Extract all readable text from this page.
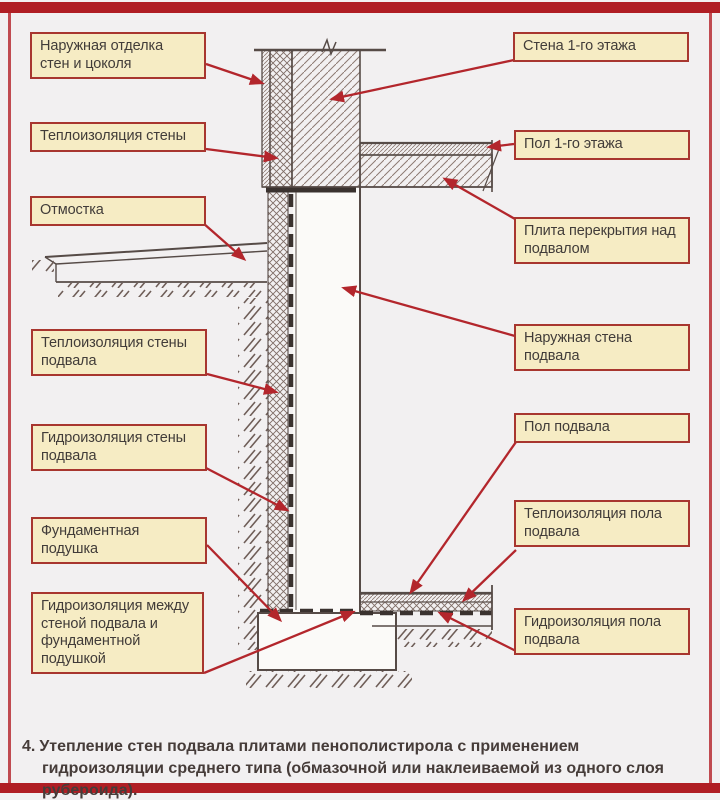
Наружная отделка стен и цоколя
Теплоизоляция стены
Отмостка
Теплоизоляция стены подвала
Гидроизоляция стены подвала
Фундаментная подушка
Гидроизоляция между стеной подвала и фундаментной подушкой
Стена 1-го этажа
Пол 1-го этажа
Плита перекрытия над подвалом
Наружная стена подвала
Пол подвала
Теплоизоляция пола подвала
Гидроизоляция пола подвала
4. Утепление стен подвала плитами пенополистирола с применением гидроизоляции среднего типа (обмазочной или наклеиваемой из одного слоя рубероида).
